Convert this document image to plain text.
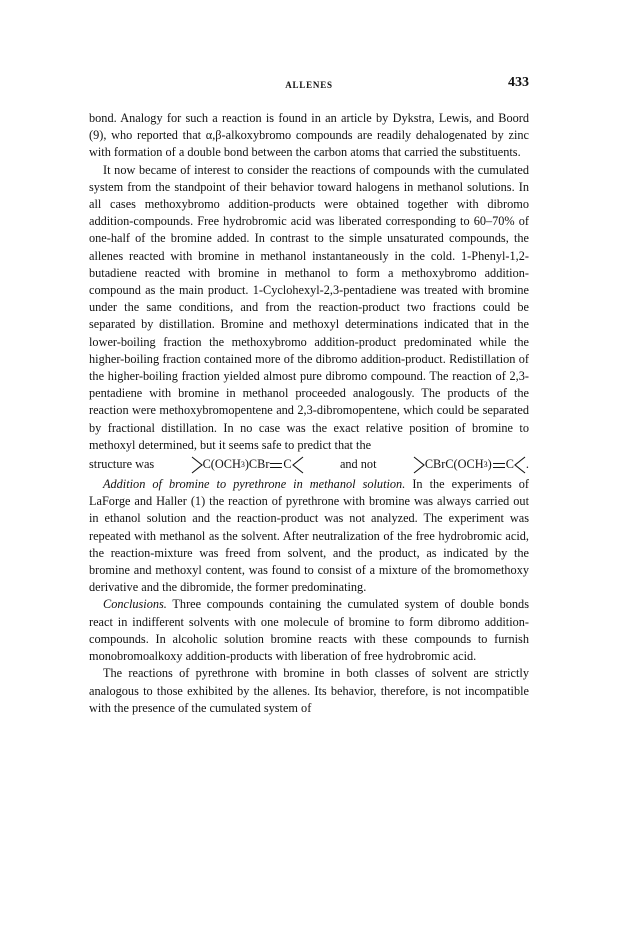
ALLENES	433

bond. Analogy for such a reaction is found in an article by Dykstra, Lewis, and Boord (9), who reported that α,β-alkoxybromo compounds are readily dehalogenated by zinc with formation of a double bond between the carbon atoms that carried the substituents.

It now became of interest to consider the reactions of compounds with the cumulated system from the standpoint of their behavior toward halogens in methanol solutions. In all cases methoxybromo addition-products were obtained together with dibromo addition-compounds. Free hydrobromic acid was liberated corresponding to 60–70% of one-half of the bromine added. In contrast to the simple unsaturated compounds, the allenes reacted with bromine in methanol instantaneously in the cold. 1-Phenyl-1,2-butadiene reacted with bromine in methanol to form a methoxybromo addition-compound as the main product. 1-Cyclohexyl-2,3-pentadiene was treated with bromine under the same conditions, and from the reaction-product two fractions could be separated by distillation. Bromine and methoxyl determinations indicated that in the lower-boiling fraction the methoxybromo addition-product predominated while the higher-boiling fraction contained more of the dibromo addition-product. Redistillation of the higher-boiling fraction yielded almost pure dibromo compound. The reaction of 2,3-pentadiene with bromine in methanol proceeded analogously. The products of the reaction were methoxybromopentene and 2,3-dibromopentene, which could be separated by fractional distillation. In no case was the exact relative position of bromine to methoxyl determined, but it seems safe to predict that the

structure was	C(OCH 3 )CBr C	and not	CBrC(OCH 3 ) C .

Addition of bromine to pyrethrone in methanol solution. In the experiments of LaForge and Haller (1) the reaction of pyrethrone with bromine was always carried out in ethanol solution and the reaction-product was not analyzed. The experiment was repeated with methanol as the solvent. After neutralization of the free hydrobromic acid, the reaction-mixture was freed from solvent, and the product, as indicated by the bromine and methoxyl content, was found to consist of a mixture of the bromomethoxy derivative and the dibromide, the former predominating.

Conclusions. Three compounds containing the cumulated system of double bonds react in indifferent solvents with one molecule of bromine to form dibromo addition-compounds. In alcoholic solution bromine reacts with these compounds to furnish monobromoalkoxy addition-products with liberation of free hydrobromic acid.

The reactions of pyrethrone with bromine in both classes of solvent are strictly analogous to those exhibited by the allenes. Its behavior, therefore, is not incompatible with the presence of the cumulated system of
